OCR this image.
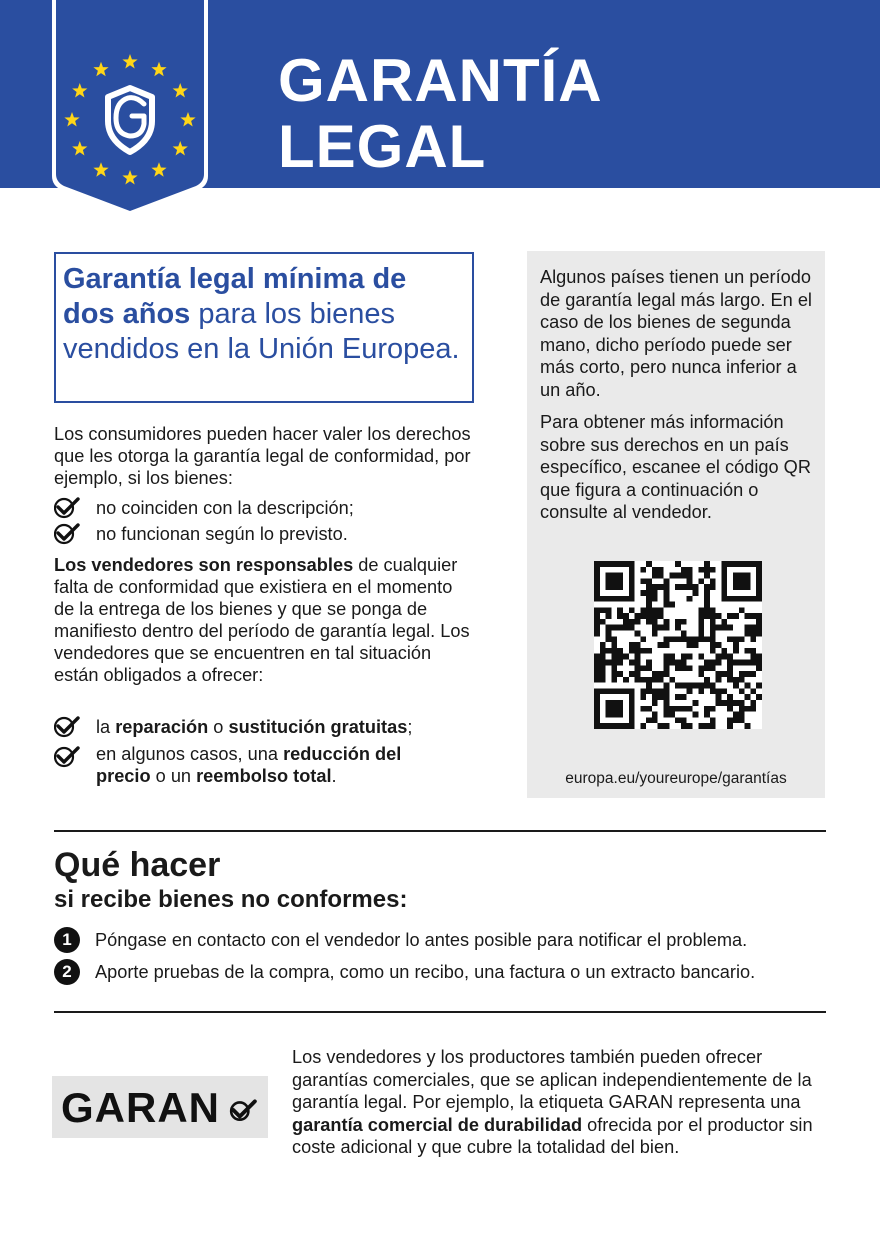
GARANTÍA
LEGAL
Garantía legal mínima de dos años para los bienes vendidos en la Unión Europea.
Los consumidores pueden hacer valer los derechos que les otorga la garantía legal de conformidad, por ejemplo, si los bienes:
no coinciden con la descripción;
no funcionan según lo previsto.
Los vendedores son responsables de cualquier falta de conformidad que existiera en el momento de la entrega de los bienes y que se ponga de manifiesto dentro del período de garantía legal. Los vendedores que se encuentren en tal situación están obligados a ofrecer:
la reparación o sustitución gratuitas;
en algunos casos, una reducción del precio o un reembolso total.
Algunos países tienen un período de garantía legal más largo. En el caso de los bienes de segunda mano, dicho período puede ser más corto, pero nunca inferior a un año.
Para obtener más información sobre sus derechos en un país específico, escanee el código QR que figura a continuación o consulte al vendedor.
europa.eu/youreurope/garantías
Qué hacer
si recibe bienes no conformes:
1	Póngase en contacto con el vendedor lo antes posible para notificar el problema.
2	Aporte pruebas de la compra, como un recibo, una factura o un extracto bancario.
GARAN
Los vendedores y los productores también pueden ofrecer garantías comerciales, que se aplican independientemente de la garantía legal. Por ejemplo, la etiqueta GARAN representa una garantía comercial de durabilidad ofrecida por el productor sin coste adicional y que cubre la totalidad del bien.
